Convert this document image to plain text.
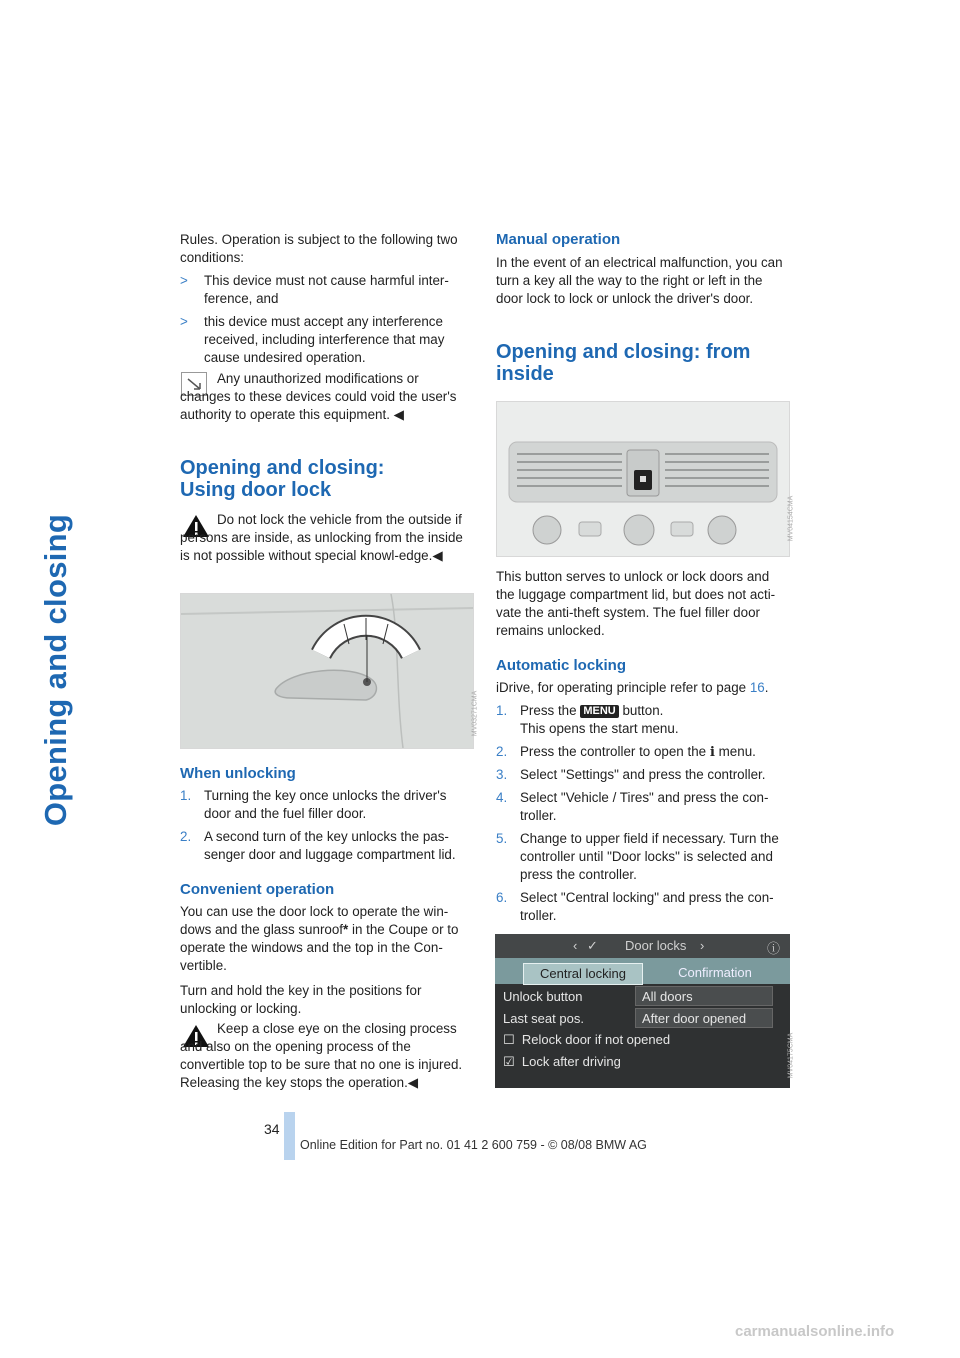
Opening and closing

Rules. Operation is subject to the following two conditions:

> This device must not cause harmful inter-ference, and
> this device must accept any interference received, including interference that may cause undesired operation.

Any unauthorized modifications or changes to these devices could void the user's authority to operate this equipment. ◀

Opening and closing:
Using door lock

Do not lock the vehicle from the outside if persons are inside, as unlocking from the inside is not possible without special knowl-edge.◀

MV03271CMA
When unlocking
1. Turning the key once unlocks the driver's door and the fuel filler door.
2. A second turn of the key unlocks the pas-senger door and luggage compartment lid.
Convenient operation

You can use the door lock to operate the win-dows and the glass sunroof* in the Coupe or to operate the windows and the top in the Con-vertible.

Turn and hold the key in the positions for unlocking or locking.

Keep a close eye on the closing process and also on the opening process of the convertible top to be sure that no one is injured. Releasing the key stops the operation.◀

Manual operation
In the event of an electrical malfunction, you can turn a key all the way to the right or left in the door lock to lock or unlock the driver's door.
Opening and closing: from
inside
MV04154CMA
This button serves to unlock or lock doors and the luggage compartment lid, but does not acti-vate the anti-theft system. The fuel filler door remains unlocked.
Automatic locking

iDrive, for operating principle refer to page 16.

1. Press the MENU button.
This opens the start menu.
2. Press the controller to open the i menu.
3. Select "Settings" and press the controller.
4. Select "Vehicle / Tires" and press the con-troller.
5. Change to upper field if necessary. Turn the controller until "Door locks" is selected and press the controller.
6. Select "Central locking" and press the con-troller.
‹ ✓ Door locks ›	ⓘ
Central locking	Confirmation
Unlock button	All doors
Last seat pos.	After door opened
☐ Relock door if not opened
☑ Lock after driving	MV04175CMA
34
Online Edition for Part no. 01 41 2 600 759 - © 08/08 BMW AG
carmanualsonline.info
